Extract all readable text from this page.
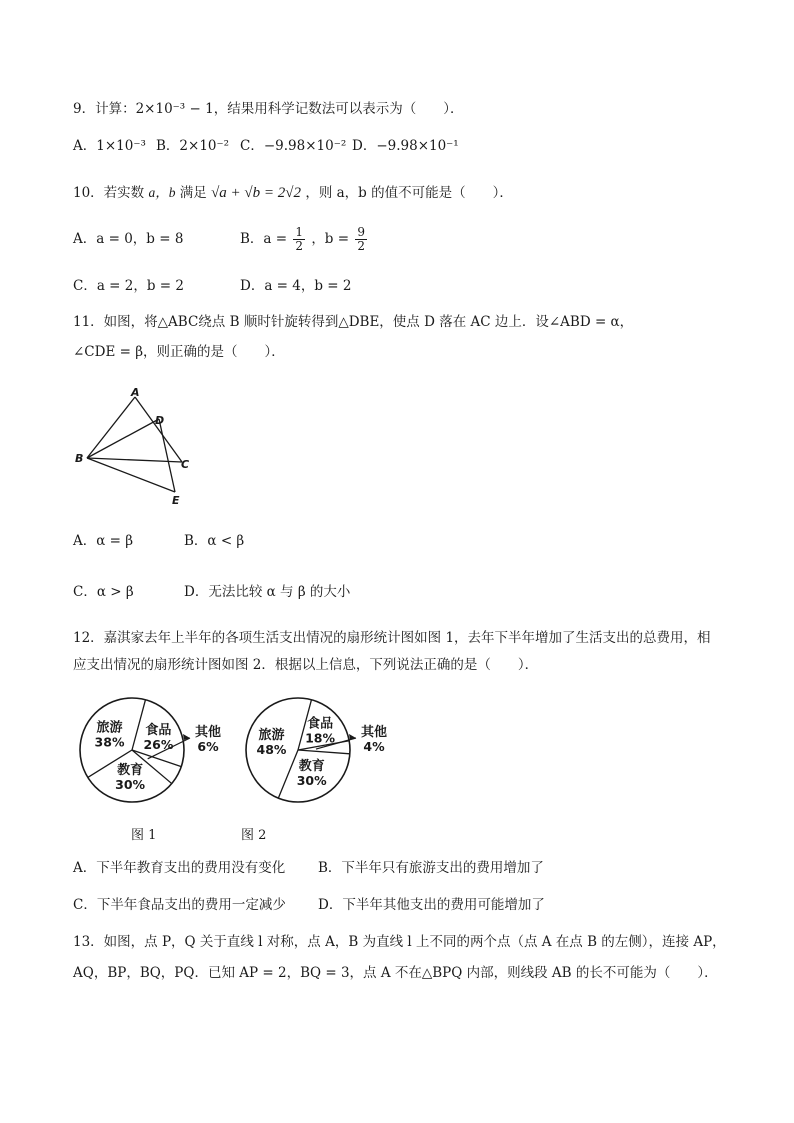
9．计算：2×10⁻³ − 1，结果用科学记数法可以表示为（　　）．
A．1×10⁻³ B．2×10⁻² C．−9.98×10⁻² D．−9.98×10⁻¹
10．若实数 a，b 满足 √a + √b = 2√2 ，则 a，b 的值不可能是（　　）．
A．a = 0，b = 8	B．$a = \frac{1}{2}$ ，$b = \frac{9}{2}$
C．a = 2，b = 2	D．a = 4，b = 2
11．如图，将△ABC绕点 B 顺时针旋转得到△DBE，使点 D 落在 AC 边上．设∠ABD = α，
∠CDE = β，则正确的是（　　）．
A
B	C
D
E
A．α = β	B．α < β
C．α > β	D．无法比较 α 与 β 的大小
12．嘉淇家去年上半年的各项生活支出情况的扇形统计图如图 1，去年下半年增加了生活支出的总费用，相
应支出情况的扇形统计图如图 2．根据以上信息，下列说法正确的是（　　）．
食品
26%
其他
6%
教育
30%
旅游
38%
食品
18% 其他
4%
教育
30%
旅游
48%
图 1	图 2
A．下半年教育支出的费用没有变化 B．下半年只有旅游支出的费用增加了
C．下半年食品支出的费用一定减少 D．下半年其他支出的费用可能增加了
13．如图，点 P，Q 关于直线 l 对称，点 A，B 为直线 l 上不同的两个点（点 A 在点 B 的左侧），连接 AP，
AQ，BP，BQ，PQ．已知 AP = 2，BQ = 3，点 A 不在△BPQ 内部，则线段 AB 的长不可能为（　　）．
